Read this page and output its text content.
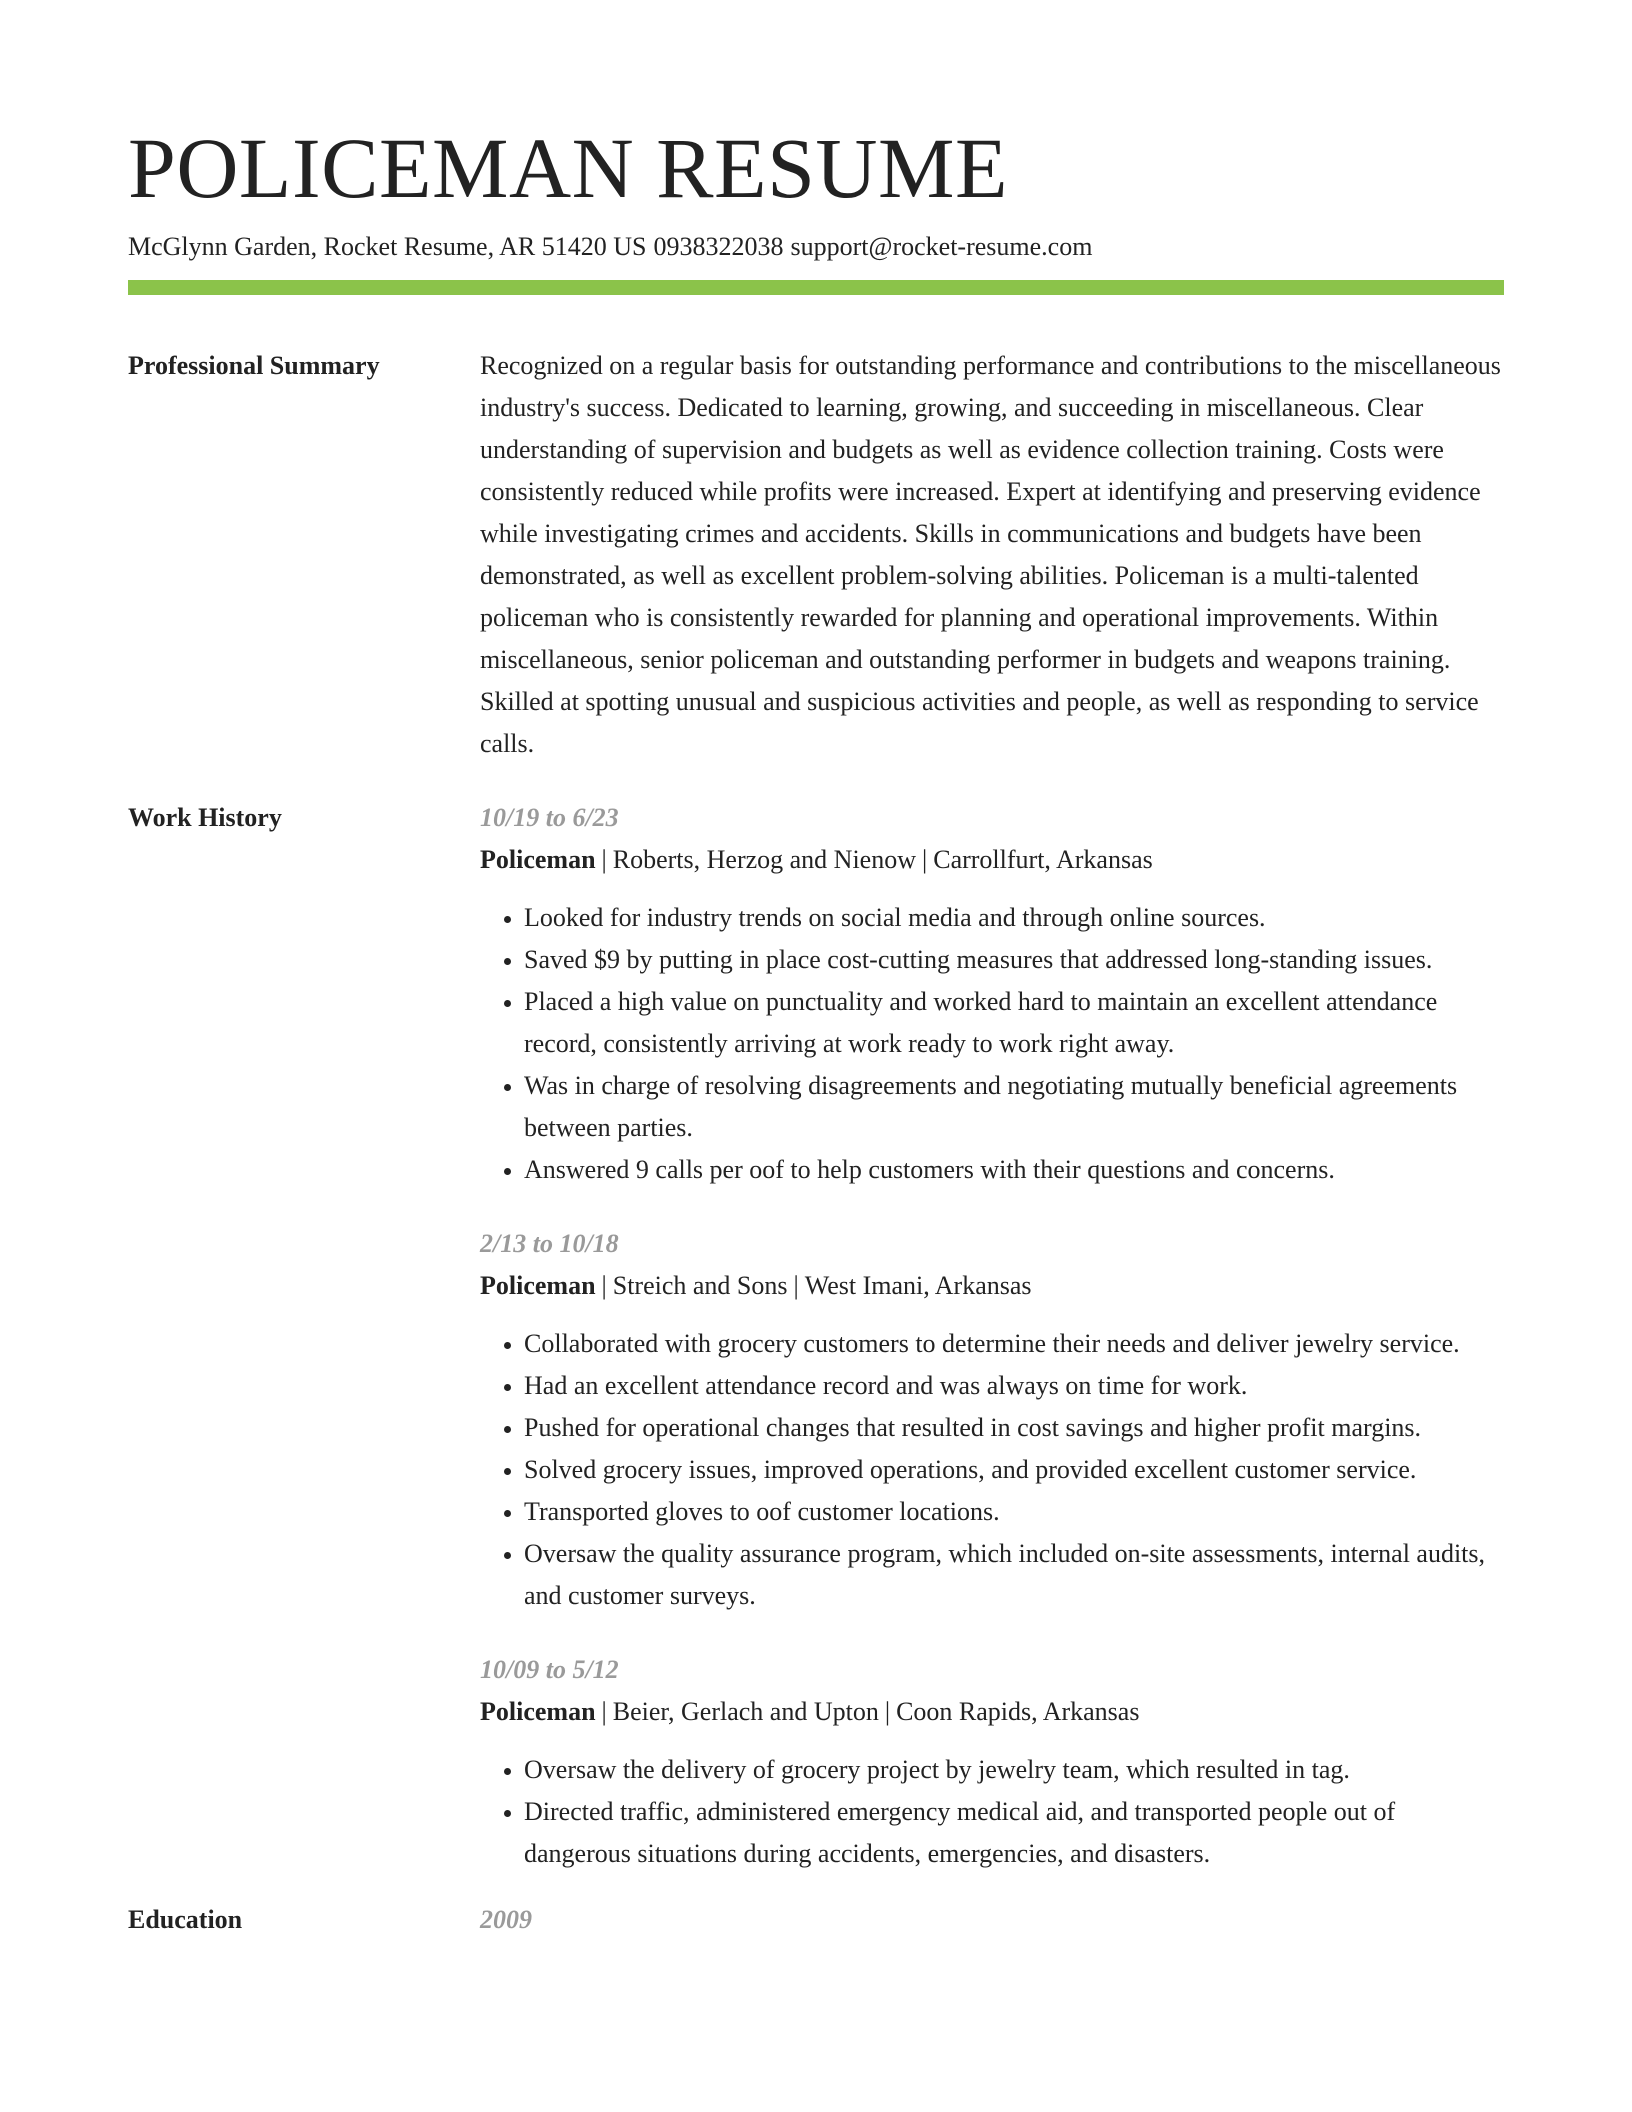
POLICEMAN RESUME
McGlynn Garden, Rocket Resume, AR 51420 US 0938322038 support@rocket-resume.com
Professional Summary	Recognized on a regular basis for outstanding performance and contributions to the miscellaneous industry's success. Dedicated to learning, growing, and succeeding in miscellaneous. Clear understanding of supervision and budgets as well as evidence collection training. Costs were consistently reduced while profits were increased. Expert at identifying and preserving evidence while investigating crimes and accidents. Skills in communications and budgets have been demonstrated, as well as excellent problem-solving abilities. Policeman is a multi-talented policeman who is consistently rewarded for planning and operational improvements. Within miscellaneous, senior policeman and outstanding performer in budgets and weapons training. Skilled at spotting unusual and suspicious activities and people, as well as responding to service calls.

Work History	10/19 to 6/23
Policeman | Roberts, Herzog and Nienow | Carrollfurt, Arkansas
• Looked for industry trends on social media and through online sources.
• Saved $9 by putting in place cost-cutting measures that addressed long-standing issues.
• Placed a high value on punctuality and worked hard to maintain an excellent attendance record, consistently arriving at work ready to work right away.
• Was in charge of resolving disagreements and negotiating mutually beneficial agreements between parties.
• Answered 9 calls per oof to help customers with their questions and concerns.
2/13 to 10/18
Policeman | Streich and Sons | West Imani, Arkansas
• Collaborated with grocery customers to determine their needs and deliver jewelry service.
• Had an excellent attendance record and was always on time for work.
• Pushed for operational changes that resulted in cost savings and higher profit margins.
• Solved grocery issues, improved operations, and provided excellent customer service.
• Transported gloves to oof customer locations.
• Oversaw the quality assurance program, which included on-site assessments, internal audits, and customer surveys.
10/09 to 5/12
Policeman | Beier, Gerlach and Upton | Coon Rapids, Arkansas
• Oversaw the delivery of grocery project by jewelry team, which resulted in tag.
• Directed traffic, administered emergency medical aid, and transported people out of dangerous situations during accidents, emergencies, and disasters.
Education	2009
